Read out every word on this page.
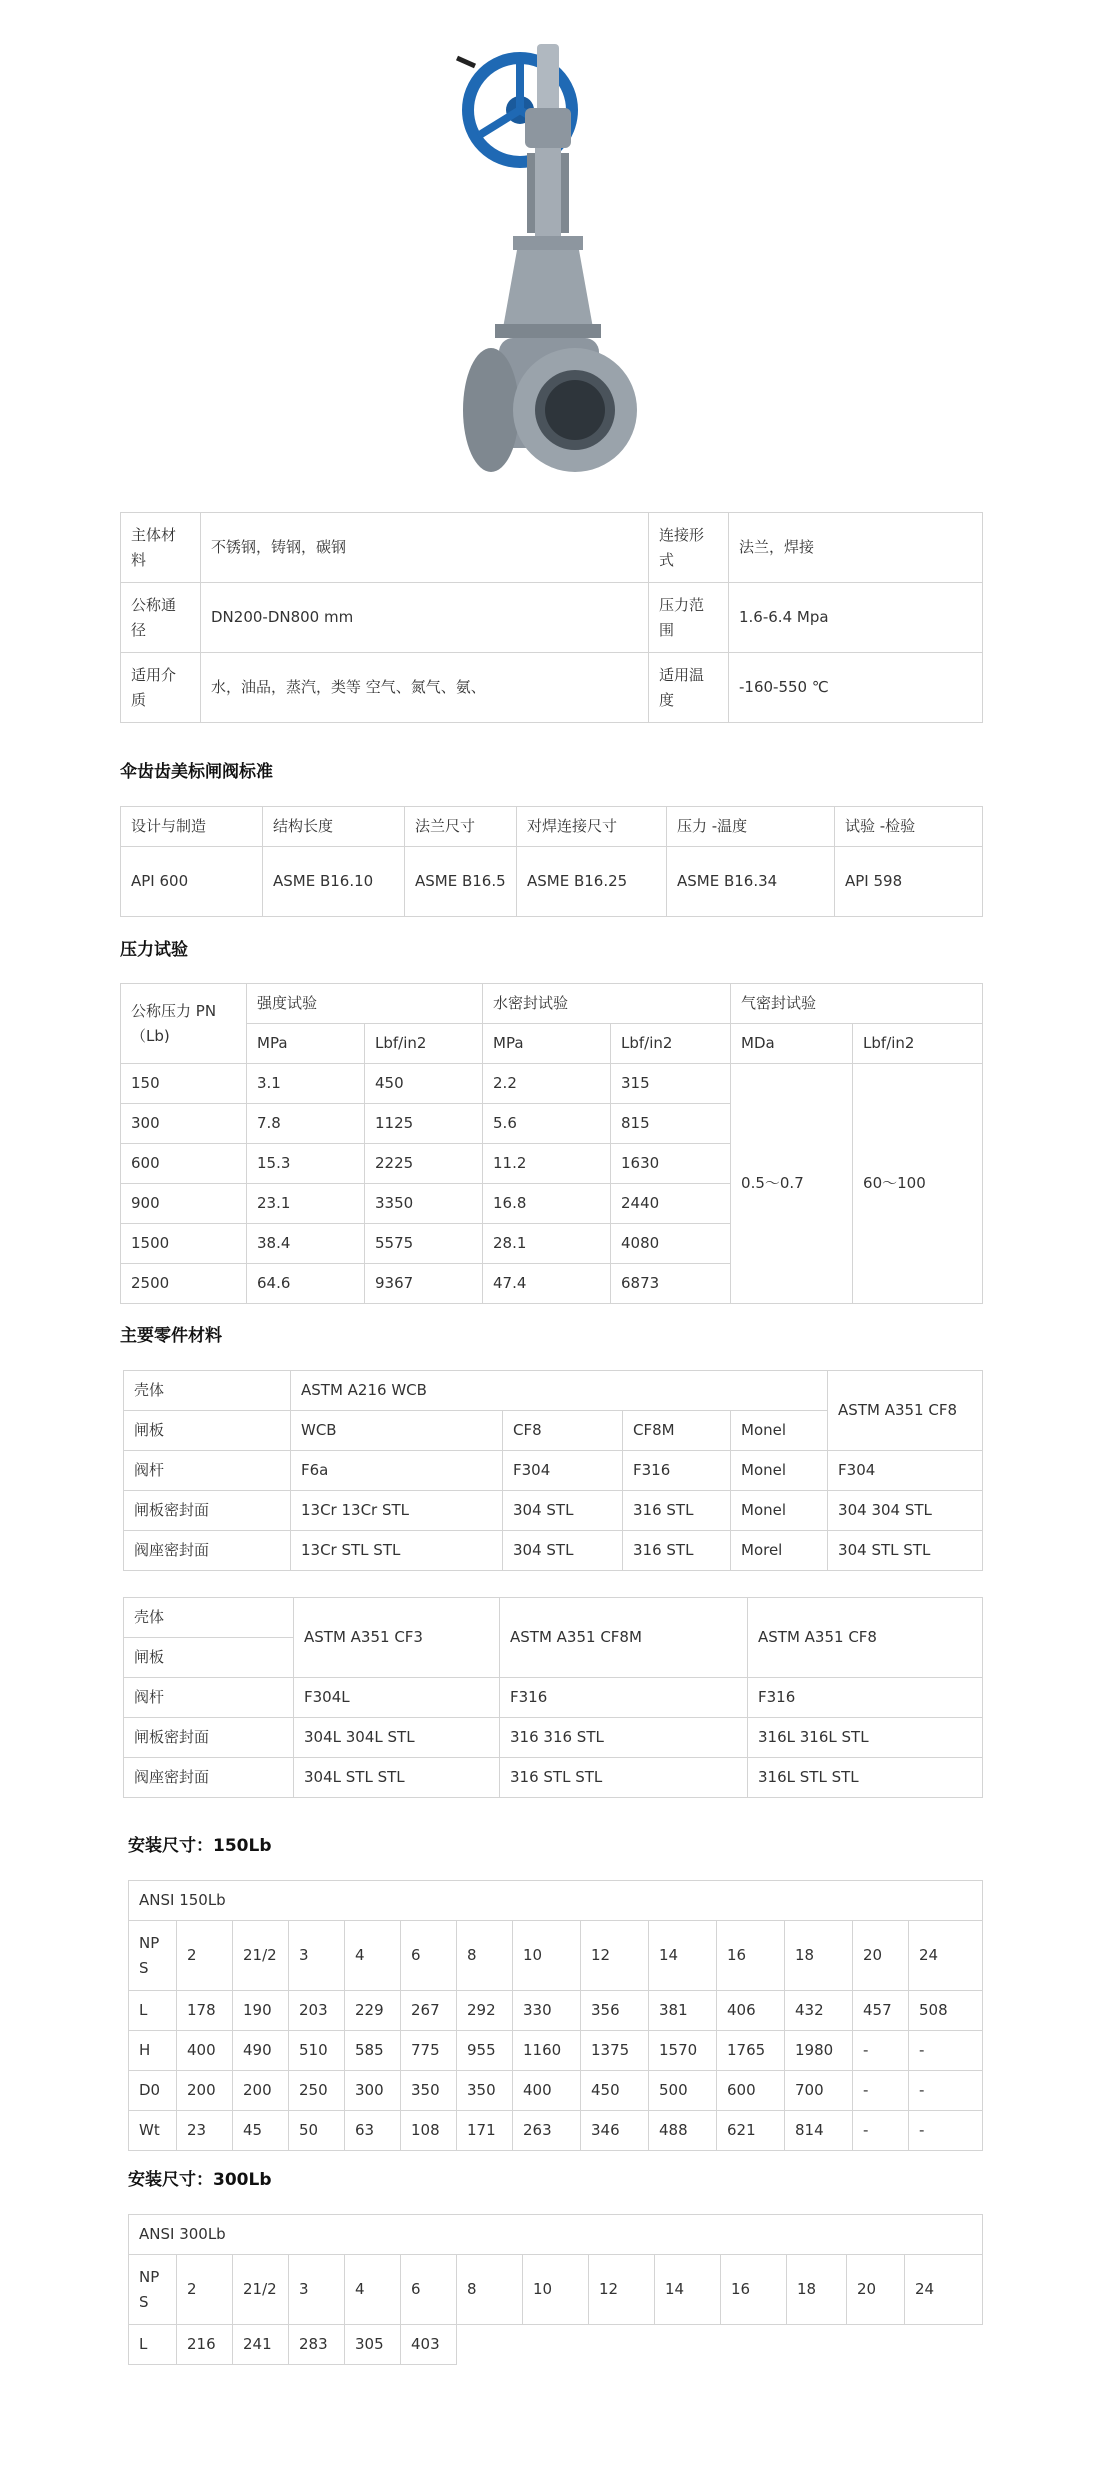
主体材料	不锈钢，铸钢，碳钢	连接形式	法兰，焊接
公称通径	DN200-DN800 mm	压力范围	1.6-6.4 Mpa
适用介质	水，油品，蒸汽，类等 空气、氮气、氨、	适用温度	-160-550 ℃
伞齿齿美标闸阀标准
设计与制造	结构长度	法兰尺寸	对焊连接尺寸	压力 -温度	试验 -检验
API 600	ASME B16.10	ASME B16.5	ASME B16.25	ASME B16.34	API 598
压力试验
公称压力 PN（Lb)	强度试验		水密封试验		气密封试验	
	MPa	Lbf/in2	MPa	Lbf/in2	MDa	Lbf/in2
150	3.1	450	2.2	315	0.5～0.7	60～100
300	7.8	1125	5.6	815		
600	15.3	2225	11.2	1630		
900	23.1	3350	16.8	2440		
1500	38.4	5575	28.1	4080		
2500	64.6	9367	47.4	6873		
主要零件材料
壳体	ASTM A216 WCB				ASTM A351 CF8
闸板	WCB	CF8	CF8M	Monel	
阀杆	F6a	F304	F316	Monel	F304
闸板密封面	13Cr 13Cr STL	304 STL	316 STL	Monel	304 304 STL
阀座密封面	13Cr STL STL	304 STL	316 STL	Morel	304 STL STL
壳体	ASTM A351 CF3	ASTM A351 CF8M	ASTM A351 CF8
闸板			
阀杆	F304L	F316	F316
闸板密封面	304L 304L STL	316 316 STL	316L 316L STL
阀座密封面	304L STL STL	316 STL STL	316L STL STL
安装尺寸：150Lb
ANSI 150Lb													
NPS	2	21/2	3	4	6	8	10	12	14	16	18	20	24
L	178	190	203	229	267	292	330	356	381	406	432	457	508
H	400	490	510	585	775	955	1160	1375	1570	1765	1980	-	-
D0	200	200	250	300	350	350	400	450	500	600	700	-	-
Wt	23	45	50	63	108	171	263	346	488	621	814	-	-
安装尺寸：300Lb
ANSI 300Lb													
NPS	2	21/2	3	4	6	8	10	12	14	16	18	20	24
L	216	241	283	305	403								
